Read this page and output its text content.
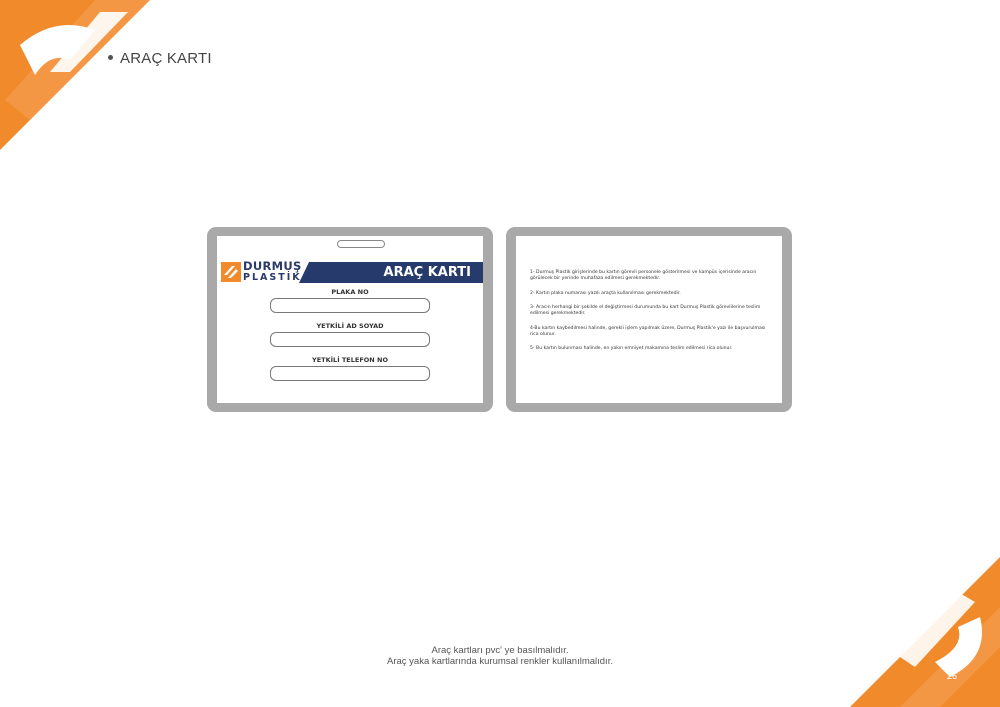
ARAÇ KARTI
DURMUŞ
PLASTİK	ARAÇ KARTI
PLAKA NO
YETKİLİ AD SOYAD
YETKİLİ TELEFON NO

1- Durmuş Plastik girişlerinde bu kartın görevli personele gösterilmesi ve kampüs içerisinde aracın görülecek bir yerinde muhafaza edilmesi gerekmektedir.

2- Kartın plaka numarası yazılı araçta kullanılması gerekmektedir.

3- Aracın herhangi bir şekilde el değiştirmesi durumunda bu kart Durmuş Plastik görevlilerine teslim edilmesi gerekmektedir.

4-Bu kartın kaybedilmesi halinde, gerekli işlem yapılmak üzere, Durmuş Plastik'e yazı ile başvurulması rica olunur.

5- Bu kartın bulunması halinde, en yakın emniyet makamına teslim edilmesi rica olunur.

Araç kartları pvc' ye basılmalıdır.
Araç yaka kartlarında kurumsal renkler kullanılmalıdır.
26
